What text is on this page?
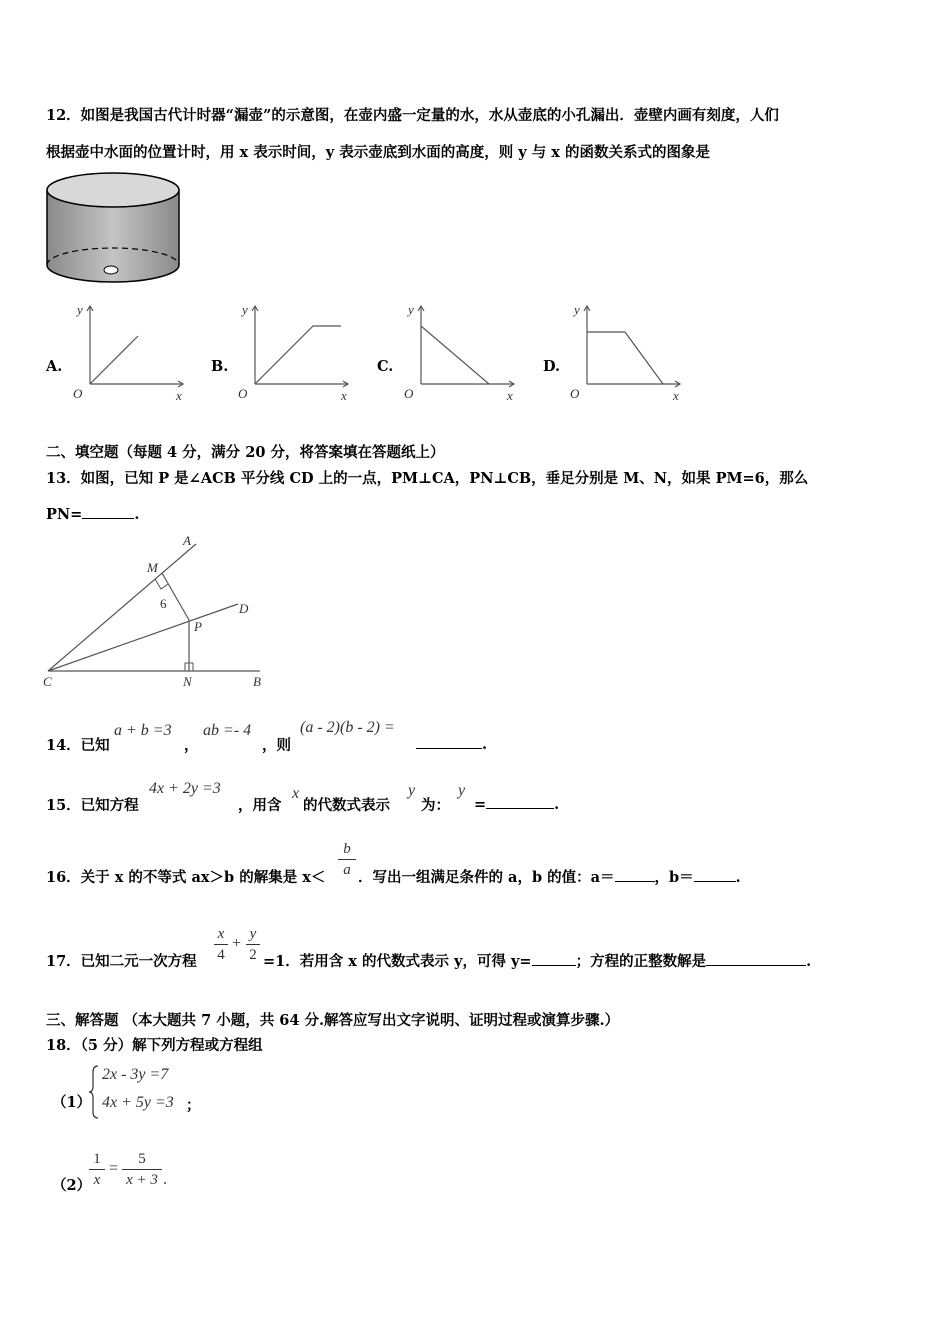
12．如图是我国古代计时器“漏壶”的示意图，在壶内盛一定量的水，水从壶底的小孔漏出．壶壁内画有刻度，人们
根据壶中水面的位置计时，用 x 表示时间，y 表示壶底到水面的高度，则 y 与 x 的函数关系式的图象是
A.
y
O	x
B.
y
O	x
C.
y
O	x
D.
y
O	x
二、填空题（每题 4 分，满分 20 分，将答案填在答题纸上）
13．如图，已知 P 是∠ACB 平分线 CD 上的一点，PM⊥CA，PN⊥CB，垂足分别是 M、N，如果 PM=6，那么
PN=	.
A
M
6	D
P
C	N	B
14．已知
a + b =3
，
ab =- 4
，则
(a - 2)(b - 2) =
.
15．已知方程
4x + 2y =3
，用含
x
的代数式表示
y
为：
y
=	.
16．关于 x 的不等式 ax＞b 的解集是 x＜
b
a ．写出一组满足条件的 a，b 的值：a＝	，b＝	.
17．已知二元一次方程
x
4
+
y
2 =1．若用含 x 的代数式表示 y，可得 y=	；方程的正整数解是	.
三、解答题 （本大题共 7 小题，共 64 分.解答应写出文字说明、证明过程或演算步骤.）
18．（5 分）解下列方程或方程组
（1）
2x - 3y =7
4x + 5y =3 ；
（2）
1
x
=
5
x + 3 .
